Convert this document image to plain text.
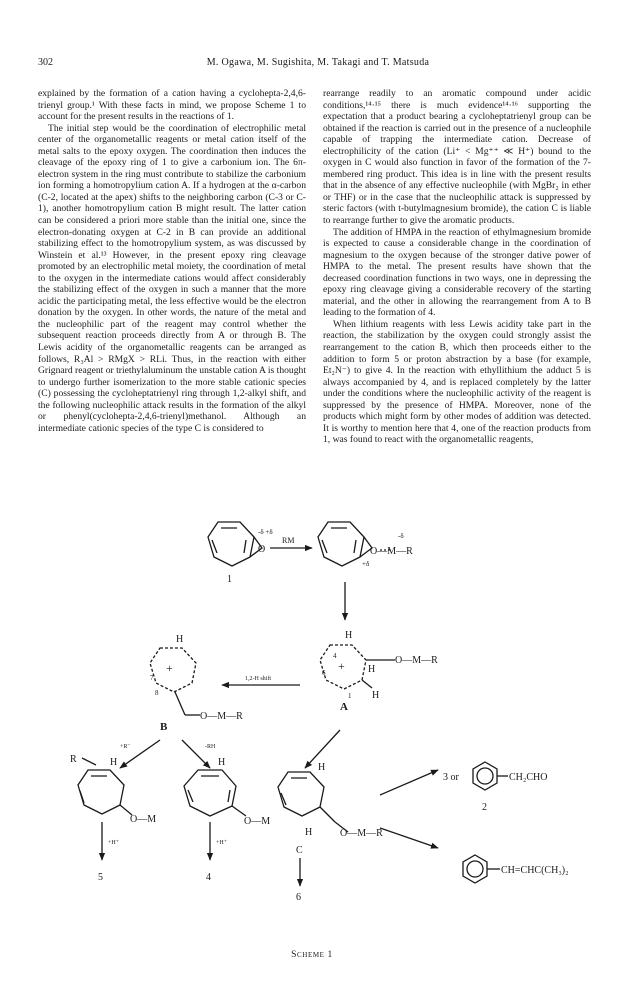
302	M. Ogawa, M. Sugishita, M. Takagi and T. Matsuda

explained by the formation of a cation having a cyclohepta-2,4,6-trienyl group.¹ With these facts in mind, we propose Scheme 1 to account for the present results in the reactions of 1.

The initial step would be the coordination of electrophilic metal center of the organometallic reagents or metal cation itself of the metal salts to the epoxy oxygen. The coordination then induces the cleavage of the epoxy ring of 1 to give a carbonium ion. The 6π-electron system in the ring must contribute to stabilize the carbonium ion forming a homotropylium cation A. If a hydrogen at the α-carbon (C-2, located at the apex) shifts to the neighboring carbon (C-3 or C-1), another homotropylium cation B might result. The latter cation can be considered a priori more stable than the initial one, since the electron-donating oxygen at C-2 in B can provide an additional stabilizing effect to the homotropylium system, as was discussed by Winstein et al.¹³ However, in the present epoxy ring cleavage promoted by an electrophilic metal moiety, the coordination of metal to the oxygen in the intermediate cations would affect considerably the stabilizing effect of the oxygen in such a manner that the more acidic the participating metal, the less effective would be the electron donation by the oxygen. In other words, the nature of the metal and the nucleophilic part of the reagent may control whether the subsequent reaction proceeds directly from A or through B. The Lewis acidity of the organometallic reagents can be arranged as follows, R₃Al > RMgX > RLi. Thus, in the reaction with either Grignard reagent or triethylaluminum the unstable cation A is thought to undergo further isomerization to the more stable cationic species (C) possessing the cycloheptatrienyl ring through 1,2-alkyl shift, and the following nucleophilic attack results in the formation of the alkyl or phenyl(cyclohepta-2,4,6-trienyl)methanol. Although an intermediate cationic species of the type C is considered to

rearrange readily to an aromatic compound under acidic conditions,¹⁴·¹⁵ there is much evidence¹⁴·¹⁶ supporting the expectation that a product bearing a cycloheptatrienyl group can be obtained if the reaction is carried out in the presence of a nucleophile capable of trapping the intermediate cation. Decrease of electrophilicity of the cation (Li⁺ < Mg⁺⁺ ≪ H⁺) bound to the oxygen in C would also function in favor of the formation of the 7-membered ring product. This idea is in line with the present results that in the absence of any effective nucleophile (with MgBr₂ in ether or THF) or in the case that the nucleophilic attack is suppressed by steric factors (with t-butylmagnesium bromide), the cation C is liable to rearrange further to give the aromatic products.

The addition of HMPA in the reaction of ethylmagnesium bromide is expected to cause a considerable change in the coordination of magnesium to the oxygen because of the stronger dative power of HMPA to the metal. The present results have shown that the decreased coordination functions in two ways, one in depressing the epoxy ring cleavage giving a considerable recovery of the starting material, and the other in allowing the rearrangement from A to B leading to the formation of 4.

When lithium reagents with less Lewis acidity take part in the reaction, the stabilization by the oxygen could strongly assist the rearrangement to the cation B, which then proceeds either to the addition to form 5 or proton abstraction by a base (for example, Et₂N⁻) to give 4. In the reaction with ethyllithium the adduct 5 is always accompanied by 4, and is replaced completely by the latter under the conditions where the nucleophilic activity of the reagent is suppressed by the presence of HMPA. Moreover, none of the products which might form by other modes of addition was detected. It is worthy to mention here that 4, one of the reaction products from 1, was found to react with the organometallic reagents,

-δ +δ
RM
O
1
O—M—R
-δ
+δ
H
O—M—R
H
H
+
4
6
1
A
1,2-H shift
H
+
7
8
O—M—R
B
+R⁻	-RH
R	H
O—M
H
O—M
+H⁺	+H⁺
5	4
H
H	O—M—R
C
6
3 or	CH₂CHO
2
CH=CHC(CH₃)₂
Scheme 1
